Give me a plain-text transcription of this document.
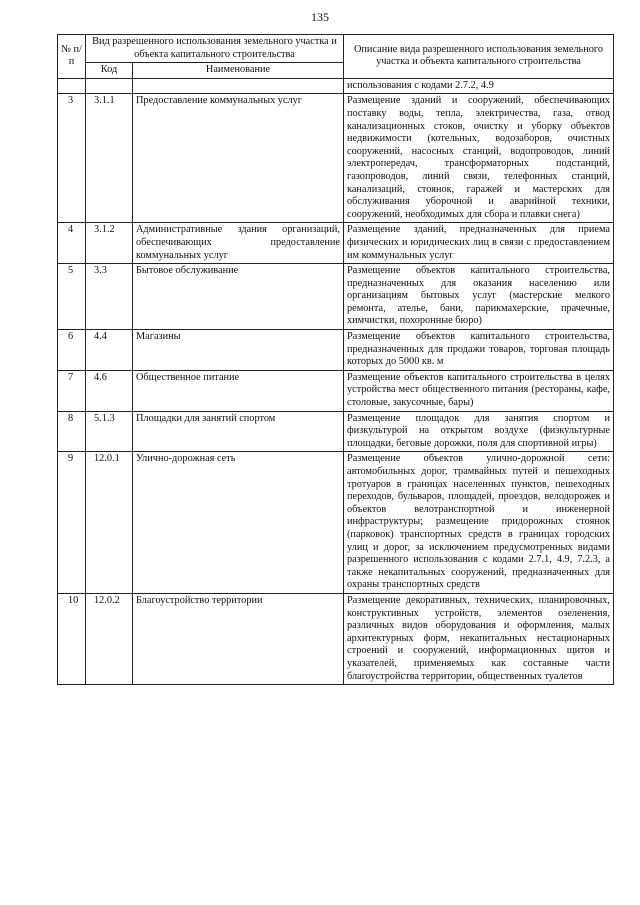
135
№ п/п	Вид разрешенного использования земельного участка и объекта капитального строительства		Описание вида разрешенного использования земельного участка и объекта капитального строительства
	Код	Наименование	
			использования с кодами 2.7.2, 4.9
3	3.1.1	Предоставление коммунальных услуг	Размещение зданий и сооружений, обеспечивающих поставку воды, тепла, электричества, газа, отвод канализационных стоков, очистку и уборку объектов недвижимости (котельных, водозаборов, очистных сооружений, насосных станций, водопроводов, линий электропередач, трансформаторных подстанций, газопроводов, линий связи, телефонных станций, канализаций, стоянок, гаражей и мастерских для обслуживания уборочной и аварийной техники, сооружений, необходимых для сбора и плавки снега)
4	3.1.2	Административные здания организаций, обеспечивающих предоставление коммунальных услуг	Размещение зданий, предназначенных для приема физических и юридических лиц в связи с предоставлением им коммунальных услуг
5	3.3	Бытовое обслуживание	Размещение объектов капитального строительства, предназначенных для оказания населению или организациям бытовых услуг (мастерские мелкого ремонта, ателье, бани, парикмахерские, прачечные, химчистки, похоронные бюро)
6	4.4	Магазины	Размещение объектов капитального строительства, предназначенных для продажи товаров, торговая площадь которых до 5000 кв. м
7	4.6	Общественное питание	Размещение объектов капитального строительства в целях устройства мест общественного питания (рестораны, кафе, столовые, закусочные, бары)
8	5.1.3	Площадки для занятий спортом	Размещение площадок для занятия спортом и физкультурой на открытом воздухе (физкультурные площадки, беговые дорожки, поля для спортивной игры)
9	12.0.1	Улично-дорожная сеть	Размещение объектов улично-дорожной сети: автомобильных дорог, трамвайных путей и пешеходных тротуаров в границах населенных пунктов, пешеходных переходов, бульваров, площадей, проездов, велодорожек и объектов велотранспортной и инженерной инфраструктуры; размещение придорожных стоянок (парковок) транспортных средств в границах городских улиц и дорог, за исключением предусмотренных видами разрешенного использования с кодами 2.7.1, 4.9, 7.2.3, а также некапитальных сооружений, предназначенных для охраны транспортных средств
10	12.0.2	Благоустройство территории	Размещение декоративных, технических, планировочных, конструктивных устройств, элементов озеленения, различных видов оборудования и оформления, малых архитектурных форм, некапитальных нестационарных строений и сооружений, информационных щитов и указателей, применяемых как составные части благоустройства территории, общественных туалетов
